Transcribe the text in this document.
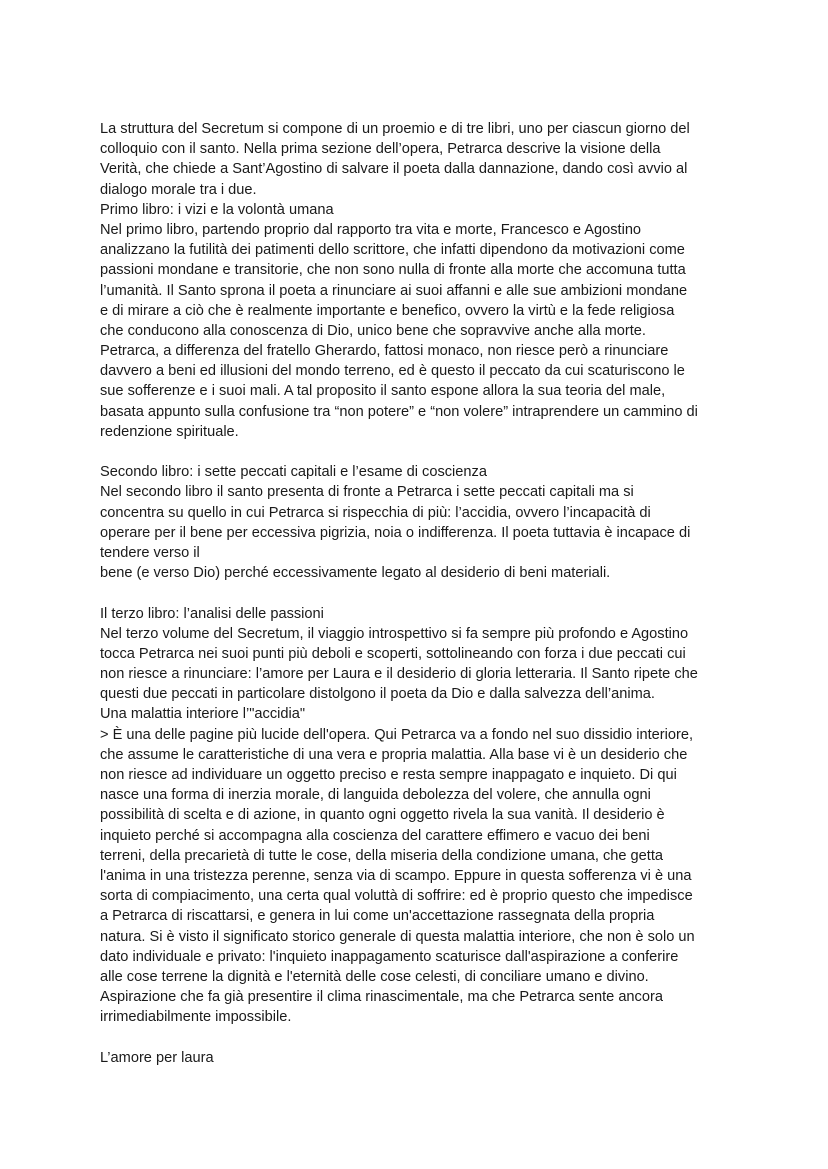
La struttura del Secretum si compone di un proemio e di tre libri, uno per ciascun giorno del
colloquio con il santo. Nella prima sezione dell’opera, Petrarca descrive la visione della
Verità, che chiede a Sant’Agostino di salvare il poeta dalla dannazione, dando così avvio al
dialogo morale tra i due.
Primo libro: i vizi e la volontà umana
Nel primo libro, partendo proprio dal rapporto tra vita e morte, Francesco e Agostino
analizzano la futilità dei patimenti dello scrittore, che infatti dipendono da motivazioni come
passioni mondane e transitorie, che non sono nulla di fronte alla morte che accomuna tutta
l’umanità. Il Santo sprona il poeta a rinunciare ai suoi affanni e alle sue ambizioni mondane
e di mirare a ciò che è realmente importante e benefico, ovvero la virtù e la fede religiosa
che conducono alla conoscenza di Dio, unico bene che sopravvive anche alla morte.
Petrarca, a differenza del fratello Gherardo, fattosi monaco, non riesce però a rinunciare
davvero a beni ed illusioni del mondo terreno, ed è questo il peccato da cui scaturiscono le
sue sofferenze e i suoi mali. A tal proposito il santo espone allora la sua teoria del male,
basata appunto sulla confusione tra “non potere” e “non volere” intraprendere un cammino di
redenzione spirituale.
Secondo libro: i sette peccati capitali e l’esame di coscienza
Nel secondo libro il santo presenta di fronte a Petrarca i sette peccati capitali ma si
concentra su quello in cui Petrarca si rispecchia di più: l’accidia, ovvero l’incapacità di
operare per il bene per eccessiva pigrizia, noia o indifferenza. Il poeta tuttavia è incapace di
tendere verso il
bene (e verso Dio) perché eccessivamente legato al desiderio di beni materiali.
Il terzo libro: l’analisi delle passioni
Nel terzo volume del Secretum, il viaggio introspettivo si fa sempre più profondo e Agostino
tocca Petrarca nei suoi punti più deboli e scoperti, sottolineando con forza i due peccati cui
non riesce a rinunciare: l’amore per Laura e il desiderio di gloria letteraria. Il Santo ripete che
questi due peccati in particolare distolgono il poeta da Dio e dalla salvezza dell’anima.
Una malattia interiore l’"accidia"
> È una delle pagine più lucide dell'opera. Qui Petrarca va a fondo nel suo dissidio interiore,
che assume le caratteristiche di una vera e propria malattia. Alla base vi è un desiderio che
non riesce ad individuare un oggetto preciso e resta sempre inappagato e inquieto. Di qui
nasce una forma di inerzia morale, di languida debolezza del volere, che annulla ogni
possibilità di scelta e di azione, in quanto ogni oggetto rivela la sua vanità. Il desiderio è
inquieto perché si accompagna alla coscienza del carattere effimero e vacuo dei beni
terreni, della precarietà di tutte le cose, della miseria della condizione umana, che getta
l'anima in una tristezza perenne, senza via di scampo. Eppure in questa sofferenza vi è una
sorta di compiacimento, una certa qual voluttà di soffrire: ed è proprio questo che impedisce
a Petrarca di riscattarsi, e genera in lui come un'accettazione rassegnata della propria
natura. Si è visto il significato storico generale di questa malattia interiore, che non è solo un
dato individuale e privato: l'inquieto inappagamento scaturisce dall'aspirazione a conferire
alle cose terrene la dignità e l'eternità delle cose celesti, di conciliare umano e divino.
Aspirazione che fa già presentire il clima rinascimentale, ma che Petrarca sente ancora
irrimediabilmente impossibile.
L’amore per laura
